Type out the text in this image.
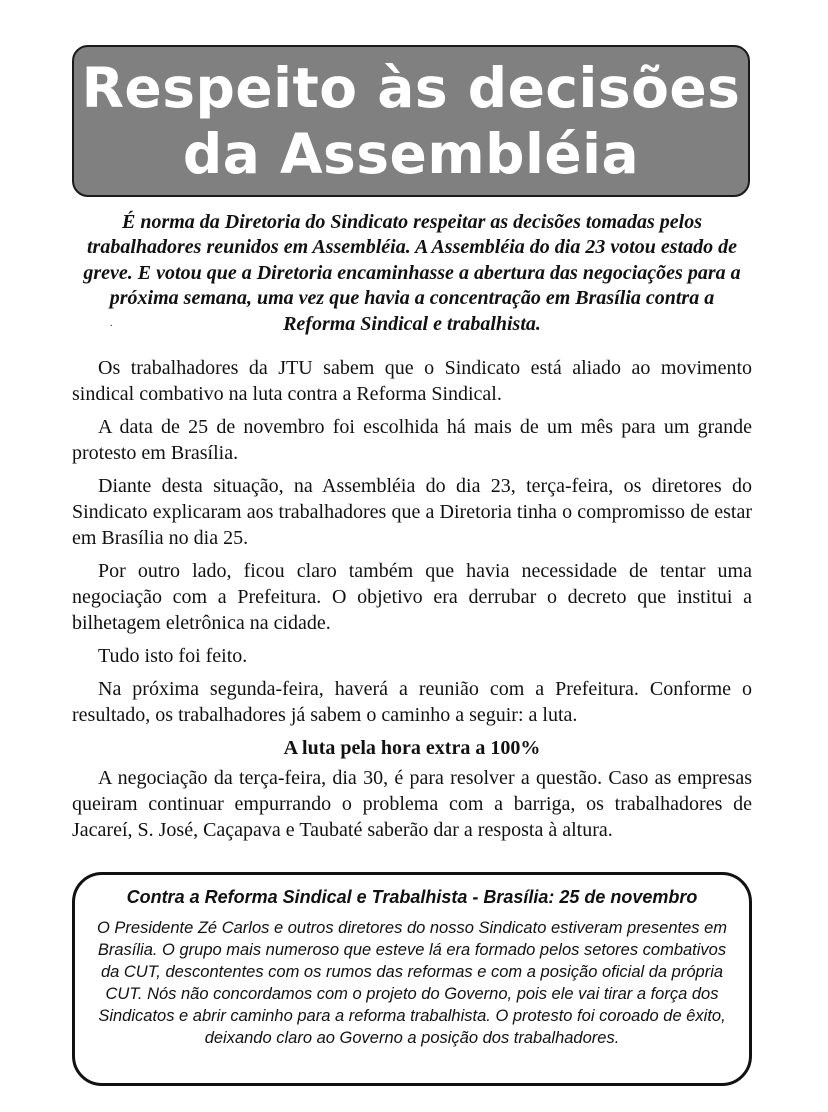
Respeito às decisões
da Assembléia

É norma da Diretoria do Sindicato respeitar as decisões tomadas pelos trabalhadores reunidos em Assembléia. A Assembléia do dia 23 votou estado de greve. E votou que a Diretoria encaminhasse a abertura das negociações para a próxima semana, uma vez que havia a concentração em Brasília contra a Reforma Sindical e trabalhista.

.

Os trabalhadores da JTU sabem que o Sindicato está aliado ao movimento sindical combativo na luta contra a Reforma Sindical.

A data de 25 de novembro foi escolhida há mais de um mês para um grande protesto em Brasília.

Diante desta situação, na Assembléia do dia 23, terça-feira, os diretores do Sindicato explicaram aos trabalhadores que a Diretoria tinha o compromisso de estar em Brasília no dia 25.

Por outro lado, ficou claro também que havia necessidade de tentar uma negociação com a Prefeitura. O objetivo era derrubar o decreto que institui a bilhetagem eletrônica na cidade.

Tudo isto foi feito.

Na próxima segunda-feira, haverá a reunião com a Prefeitura. Conforme o resultado, os trabalhadores já sabem o caminho a seguir: a luta.

A luta pela hora extra a 100%

A negociação da terça-feira, dia 30, é para resolver a questão. Caso as empresas queiram continuar empurrando o problema com a barriga, os trabalhadores de Jacareí, S. José, Caçapava e Taubaté saberão dar a resposta à altura.

Contra a Reforma Sindical e Trabalhista - Brasília: 25 de novembro

O Presidente Zé Carlos e outros diretores do nosso Sindicato estiveram presentes em Brasília. O grupo mais numeroso que esteve lá era formado pelos setores combativos da CUT, descontentes com os rumos das reformas e com a posição oficial da própria CUT. Nós não concordamos com o projeto do Governo, pois ele vai tirar a força dos Sindicatos e abrir caminho para a reforma trabalhista. O protesto foi coroado de êxito, deixando claro ao Governo a posição dos trabalhadores.
